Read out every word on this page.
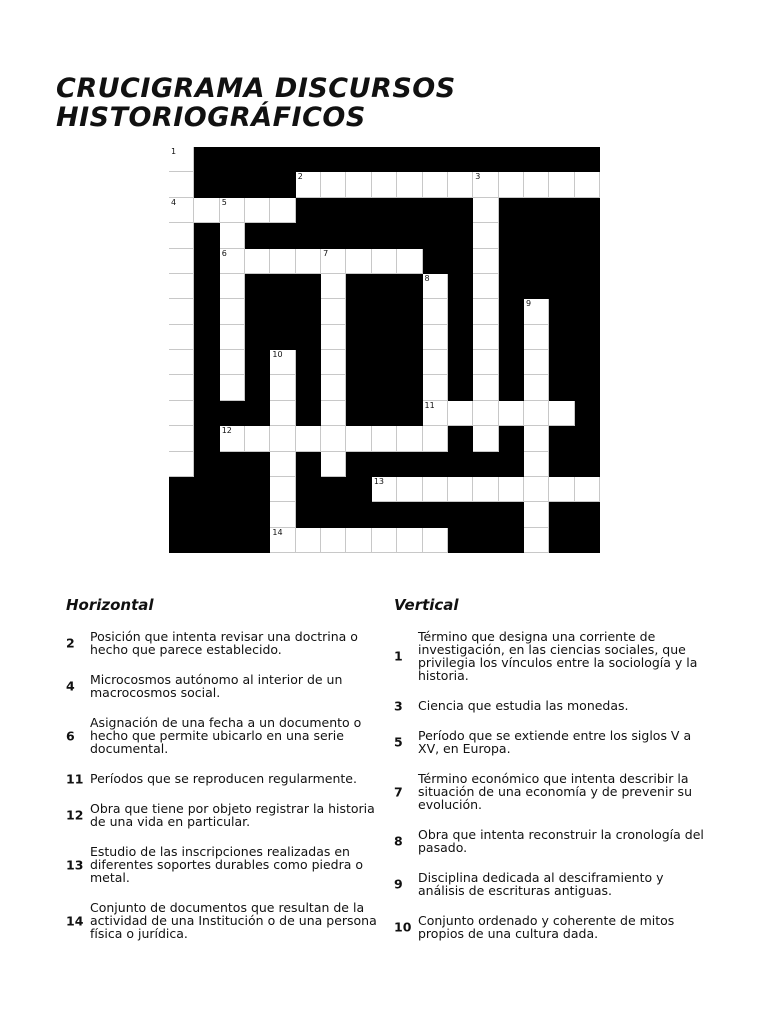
CRUCIGRAMA DISCURSOS
HISTORIOGRÁFICOS
1
2	3
4	5
6	7
8
9
10
11
12
13
14
Horizontal
2 Posición que intenta revisar una doctrina o hecho que parece establecido.
4 Microcosmos autónomo al interior de un macrocosmos social.
6
Asignación de una fecha a un documento o hecho que permite ubicarlo en una serie documental.
11 Períodos que se reproducen regularmente.
12 Obra que tiene por objeto registrar la historia de una vida en particular.
13
Estudio de las inscripciones realizadas en diferentes soportes durables como piedra o metal.
14
Conjunto de documentos que resultan de la actividad de una Institución o de una persona física o jurídica.
Vertical
1
Término que designa una corriente de investigación, en las ciencias sociales, que privilegia los vínculos entre la sociología y la historia.
3 Ciencia que estudia las monedas.
5 Período que se extiende entre los siglos V a XV, en Europa.
7
Término económico que intenta describir la situación de una economía y de prevenir su evolución.
8 Obra que intenta reconstruir la cronología del pasado.
9 Disciplina dedicada al desciframiento y análisis de escrituras antiguas.
10 Conjunto ordenado y coherente de mitos propios de una cultura dada.
